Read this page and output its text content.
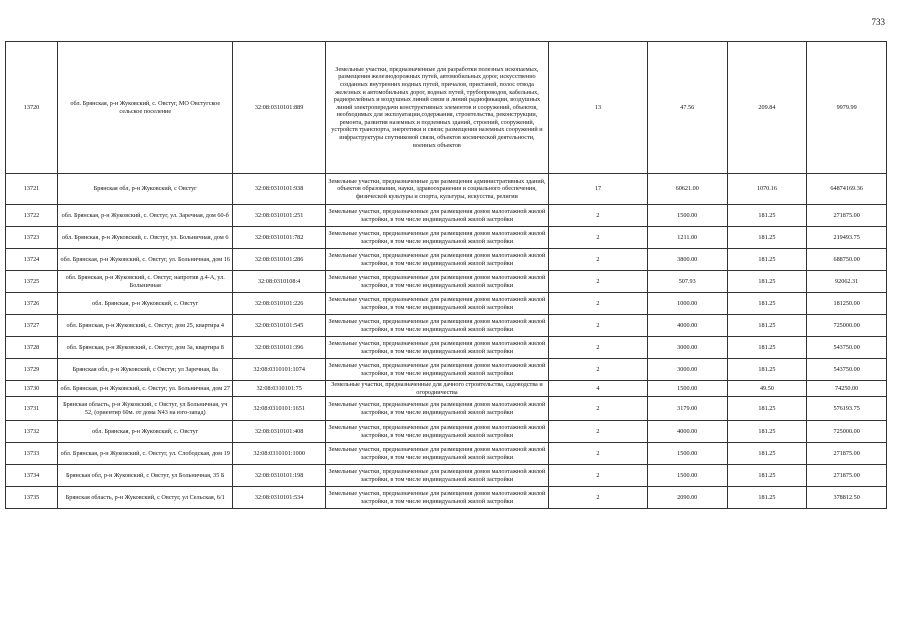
733
13720	обл. Брянская, р-н Жуковский, с. Овстуг, МО Овстугское сельское поселение	32:08:0310101:889	Земельные участки, предназначенные для разработки полезных ископаемых, размещения железнодорожных путей, автомобильных дорог, искусственно созданных внутренних водных путей, причалов, пристаней, полос отвода железных и автомобильных дорог, водных путей, трубопроводов, кабельных, радиорелейных и воздушных линий связи и линий радиофикации, воздушных линий электропередачи конструктивных элементов и сооружений, объектов, необходимых для эксплуатации,содержания, строительства, реконструкции, ремонта, развития наземных и подземных зданий, строений, сооружений, устройств транспорта, энергетики и связи; размещения наземных сооружений и инфраструктуры спутниковой связи, объектов космической деятельности, военных объектов	13	47.56	209.84	9979.99
13721	Брянская обл, р-н Жуковский, с Овстуг	32:08:0310101:938	Земельные участки, предназначенные для размещения административных зданий, объектов образования, науки, здравоохранения и социального обеспечения, физической культуры и спорта, культуры, искусства, религии	17	60621.00	1070.16	64874169.36
13722	обл. Брянская, р-н Жуковский, с. Овстуг, ул. Заречная, дом 60-б	32:08:0310101:251	Земельные участки, предназначенные для размещения домов малоэтажной жилой застройки, в том числе индивидуальной жилой застройки	2	1500.00	181.25	271875.00
13723	обл. Брянская, р-н Жуковский, с. Овстуг, ул. Больничная, дом 6	32:08:0310101:782	Земельные участки, предназначенные для размещения домов малоэтажной жилой застройки, в том числе индивидуальной жилой застройки	2	1211.00	181.25	219493.75
13724	обл. Брянская, р-н Жуковский, с. Овстуг, ул. Больничная, дом 16	32:08:0310101:286	Земельные участки, предназначенные для размещения домов малоэтажной жилой застройки, в том числе индивидуальной жилой застройки	2	3800.00	181.25	688750.00
13725	обл. Брянская, р-н Жуковский, с. Овстуг, напротив д.4-А, ул. Больничная	32:08:0310108:4	Земельные участки, предназначенные для размещения домов малоэтажной жилой застройки, в том числе индивидуальной жилой застройки	2	507.93	181.25	92062.31
13726	обл. Брянская, р-н Жуковский, с. Овстуг	32:08:0310101:226	Земельные участки, предназначенные для размещения домов малоэтажной жилой застройки, в том числе индивидуальной жилой застройки	2	1000.00	181.25	181250.00
13727	обл. Брянская, р-н Жуковский, с. Овстуг, дом 25, квартира 4	32:08:0310101:545	Земельные участки, предназначенные для размещения домов малоэтажной жилой застройки, в том числе индивидуальной жилой застройки	2	4000.00	181.25	725000.00
13728	обл. Брянская, р-н Жуковский, с. Овстуг, дом 3а, квартира 8	32:08:0310101:396	Земельные участки, предназначенные для размещения домов малоэтажной жилой застройки, в том числе индивидуальной жилой застройки	2	3000.00	181.25	543750.00
13729	Брянская обл, р-н Жуковский, с Овстуг, ул Заречная, 8а	32:08:0310101:1074	Земельные участки, предназначенные для размещения домов малоэтажной жилой застройки, в том числе индивидуальной жилой застройки	2	3000.00	181.25	543750.00
13730	обл. Брянская, р-н Жуковский, с. Овстуг, ул. Больничная, дом 27	32:08:0310101:75	Земельные участки, предназначенные для дачного строительства, садоводства и огородничества	4	1500.00	49.50	74250.00
13731	Брянская область, р-н Жуковский, с Овстуг, ул Больничная, уч 52, (ориентир 60м. от дома N43 на юго-запад)	32:08:0310101:1651	Земельные участки, предназначенные для размещения домов малоэтажной жилой застройки, в том числе индивидуальной жилой застройки	2	3179.00	181.25	576193.75
13732	обл. Брянская, р-н Жуковский, с. Овстуг	32:08:0310101:408	Земельные участки, предназначенные для размещения домов малоэтажной жилой застройки, в том числе индивидуальной жилой застройки	2	4000.00	181.25	725000.00
13733	обл. Брянская, р-н Жуковский, с. Овстуг, ул. Слободская, дом 19	32:08:0310101:1000	Земельные участки, предназначенные для размещения домов малоэтажной жилой застройки, в том числе индивидуальной жилой застройки	2	1500.00	181.25	271875.00
13734	Брянская обл, р-н Жуковский, с Овстуг, ул Больничная, 35 Б	32:08:0310101:198	Земельные участки, предназначенные для размещения домов малоэтажной жилой застройки, в том числе индивидуальной жилой застройки	2	1500.00	181.25	271875.00
13735	Брянская область, р-н Жуковский, с Овстуг, ул Сельская, 6/1	32:08:0310101:534	Земельные участки, предназначенные для размещения домов малоэтажной жилой застройки, в том числе индивидуальной жилой застройки	2	2090.00	181.25	378812.50
